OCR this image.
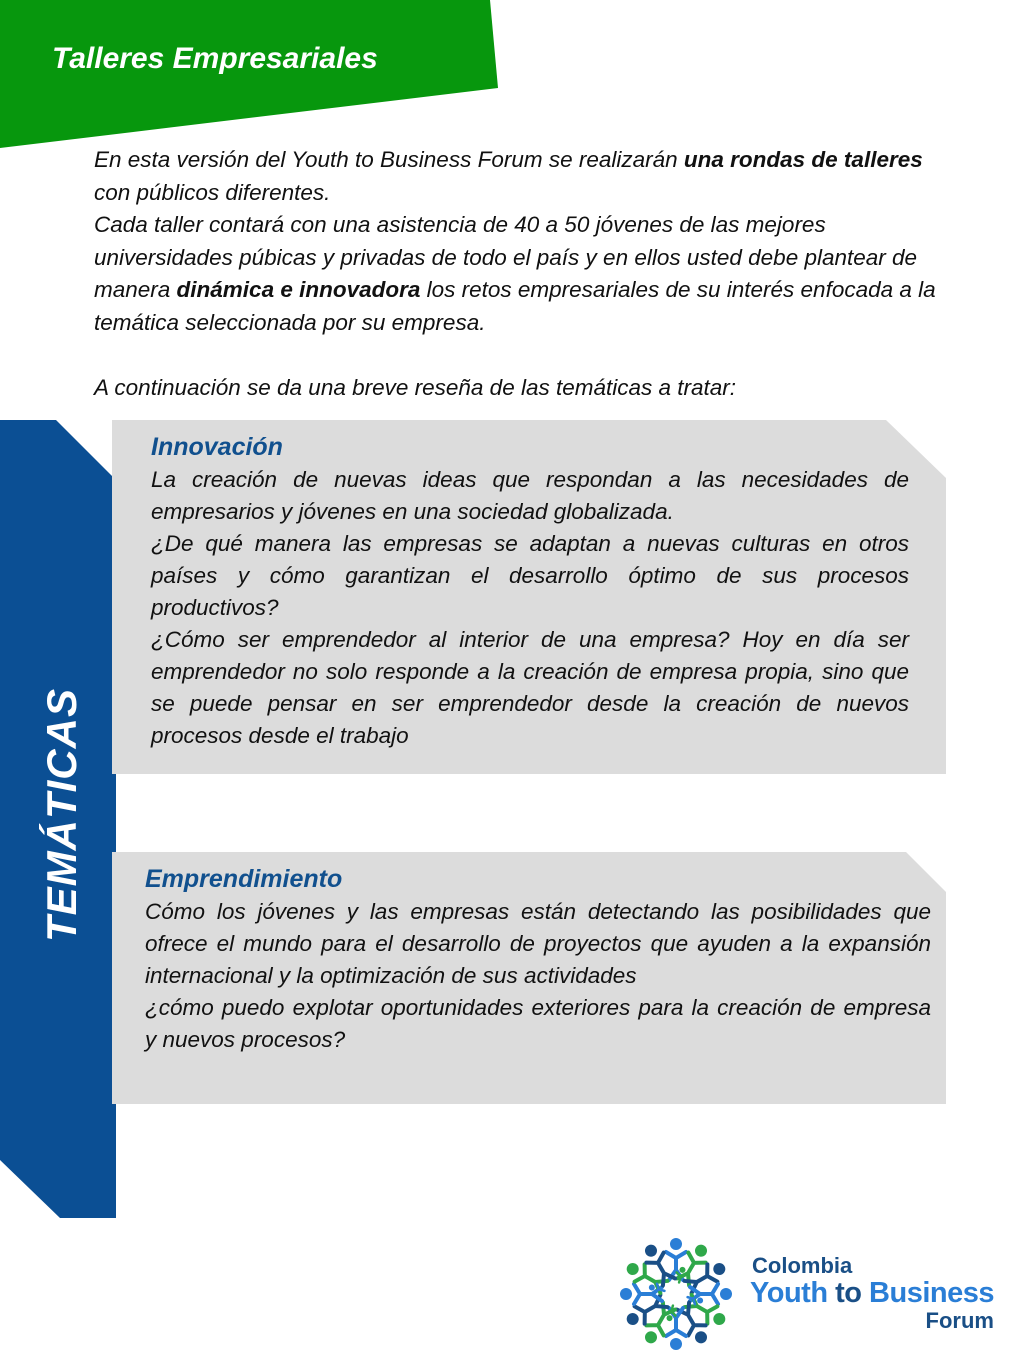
Talleres Empresariales

En esta versión del Youth to Business Forum se realizarán una rondas de talleres con públicos diferentes.

Cada taller contará con una asistencia de 40 a 50 jóvenes de las mejores universidades púbicas y privadas de todo el país y en ellos usted debe plantear de manera dinámica e innovadora los retos empresariales de su interés enfocada a la temática seleccionada por su empresa.

A continuación se da una breve reseña de las temáticas a tratar:

TEMÁTICAS

Innovación

La creación de nuevas ideas que respondan a las necesidades de empresarios y jóvenes en una sociedad globalizada.

¿De qué manera las empresas se adaptan a nuevas culturas en otros países y cómo garantizan el desarrollo óptimo de sus procesos productivos?

¿Cómo ser emprendedor al interior de una empresa? Hoy en día ser emprendedor no solo responde a la creación de empresa propia, sino que se puede pensar en ser emprendedor desde la creación de nuevos procesos desde el trabajo

Emprendimiento

Cómo los jóvenes y las empresas están detectando las posibilidades que ofrece el mundo para el desarrollo de proyectos que ayuden a la expansión internacional y la optimización de sus actividades

¿cómo puedo explotar oportunidades exteriores para la creación de empresa y nuevos procesos?

Colombia
Youth to Business
Forum
